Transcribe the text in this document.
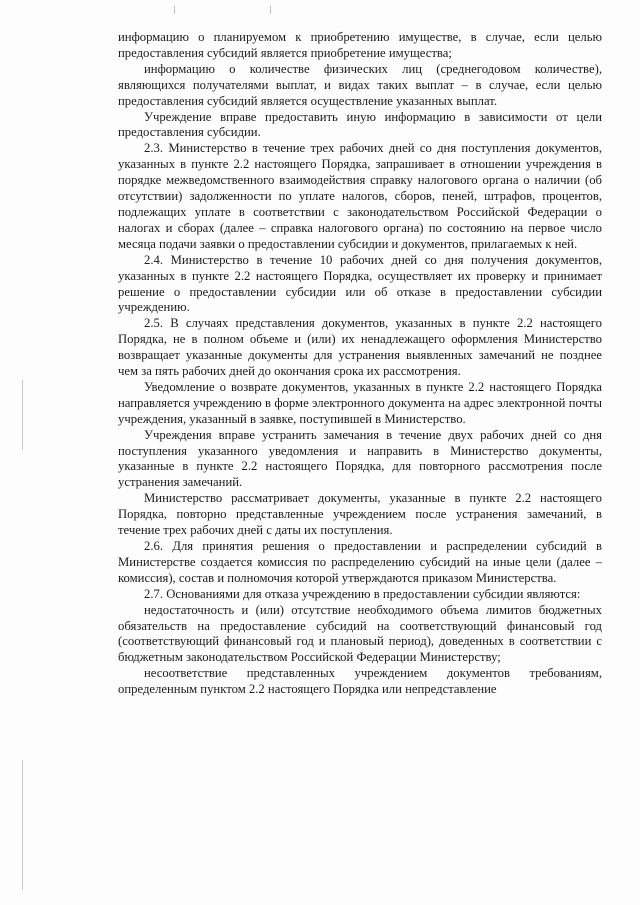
информацию о планируемом к приобретению имуществе, в случае, если целью предоставления субсидий является приобретение имущества;

информацию о количестве физических лиц (среднегодовом количестве), являющихся получателями выплат, и видах таких выплат – в случае, если целью предоставления субсидий является осуществление указанных выплат.

Учреждение вправе предоставить иную информацию в зависимости от цели предоставления субсидии.

2.3. Министерство в течение трех рабочих дней со дня поступления документов, указанных в пункте 2.2 настоящего Порядка, запрашивает в отношении учреждения в порядке межведомственного взаимодействия справку налогового органа о наличии (об отсутствии) задолженности по уплате налогов, сборов, пеней, штрафов, процентов, подлежащих уплате в соответствии с законодательством Российской Федерации о налогах и сборах (далее – справка налогового органа) по состоянию на первое число месяца подачи заявки о предоставлении субсидии и документов, прилагаемых к ней.

2.4. Министерство в течение 10 рабочих дней со дня получения документов, указанных в пункте 2.2 настоящего Порядка, осуществляет их проверку и принимает решение о предоставлении субсидии или об отказе в предоставлении субсидии учреждению.

2.5. В случаях представления документов, указанных в пункте 2.2 настоящего Порядка, не в полном объеме и (или) их ненадлежащего оформления Министерство возвращает указанные документы для устранения выявленных замечаний не позднее чем за пять рабочих дней до окончания срока их рассмотрения.

Уведомление о возврате документов, указанных в пункте 2.2 настоящего Порядка направляется учреждению в форме электронного документа на адрес электронной почты учреждения, указанный в заявке, поступившей в Министерство.

Учреждения вправе устранить замечания в течение двух рабочих дней со дня поступления указанного уведомления и направить в Министерство документы, указанные в пункте 2.2 настоящего Порядка, для повторного рассмотрения после устранения замечаний.

Министерство рассматривает документы, указанные в пункте 2.2 настоящего Порядка, повторно представленные учреждением после устранения замечаний, в течение трех рабочих дней с даты их поступления.

2.6. Для принятия решения о предоставлении и распределении субсидий в Министерстве создается комиссия по распределению субсидий на иные цели (далее – комиссия), состав и полномочия которой утверждаются приказом Министерства.

2.7. Основаниями для отказа учреждению в предоставлении субсидии являются:

недостаточность и (или) отсутствие необходимого объема лимитов бюджетных обязательств на предоставление субсидий на соответствующий финансовый год (соответствующий финансовый год и плановый период), доведенных в соответствии с бюджетным законодательством Российской Федерации Министерству;

несоответствие представленных учреждением документов требованиям, определенным пунктом 2.2 настоящего Порядка или непредставление
